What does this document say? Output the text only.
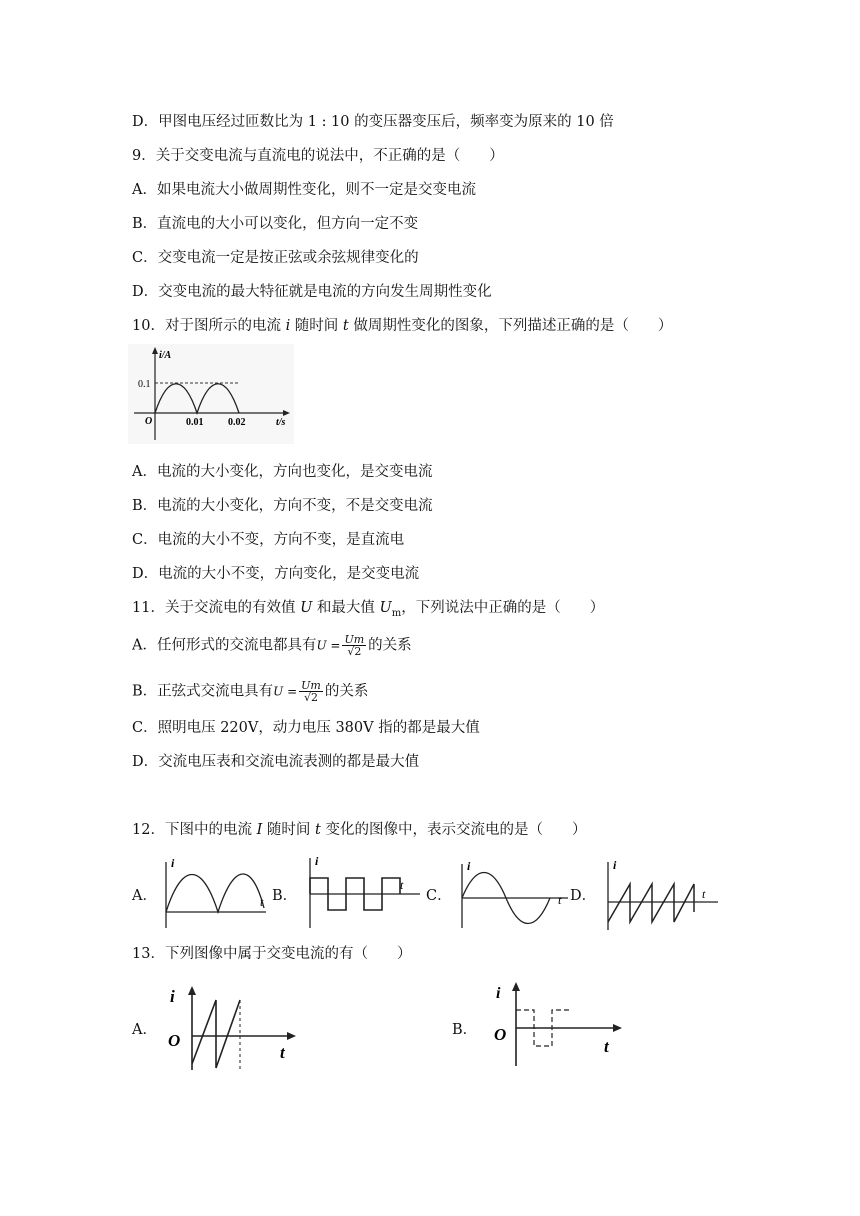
D．甲图电压经过匝数比为 1 : 10 的变压器变压后，频率变为原来的 10 倍
9．关于交变电流与直流电的说法中，不正确的是（　　）
A．如果电流大小做周期性变化，则不一定是交变电流
B．直流电的大小可以变化，但方向一定不变
C．交变电流一定是按正弦或余弦规律变化的
D．交变电流的最大特征就是电流的方向发生周期性变化
10．对于图所示的电流 i 随时间 t 做周期性变化的图象，下列描述正确的是（　　）
i/A
0.1
O	0.01 0.02	t/s
A．电流的大小变化，方向也变化，是交变电流
B．电流的大小变化，方向不变，不是交变电流
C．电流的大小不变，方向不变，是直流电
D．电流的大小不变，方向变化，是交变电流
11．关于交流电的有效值 U 和最大值 $U_m$，下列说法中正确的是（　　）
A．任何形式的交流电都具有$U = \frac{Um}{√2}$ 的关系
B．正弦式交流电具有$U = \frac{Um}{√2}$ 的关系
C．照明电压 220V，动力电压 380V 指的都是最大值
D．交流电压表和交流电流表测的都是最大值
12．下图中的电流 I 随时间 t 变化的图像中，表示交流电的是（　　）
A．
i
t B．
i
t
C．
i
t D．
i
t
13．下列图像中属于交变电流的有（　　）
A．
i
O
t
B．
i
O
t
